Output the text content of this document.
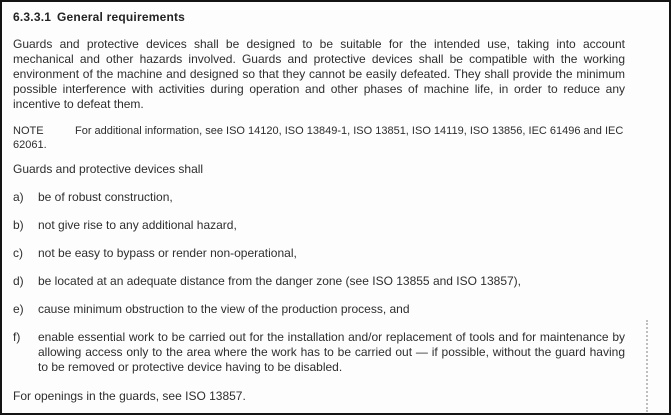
6.3.3.1 General requirements

Guards and protective devices shall be designed to be suitable for the intended use, taking into account mechanical and other hazards involved. Guards and protective devices shall be compatible with the working environment of the machine and designed so that they cannot be easily defeated. They shall provide the minimum possible interference with activities during operation and other phases of machine life, in order to reduce any incentive to defeat them.

NOTE	For additional information, see ISO 14120, ISO 13849-1, ISO 13851, ISO 14119, ISO 13856, IEC 61496 and IEC 62061.

Guards and protective devices shall

a)	be of robust construction,
b)	not give rise to any additional hazard,
c)	not be easy to bypass or render non-operational,
d)	be located at an adequate distance from the danger zone (see ISO 13855 and ISO 13857),
e)	cause minimum obstruction to the view of the production process, and
f)	enable essential work to be carried out for the installation and/or replacement of tools and for maintenance by allowing access only to the area where the work has to be carried out — if possible, without the guard having to be removed or protective device having to be disabled.

For openings in the guards, see ISO 13857.
